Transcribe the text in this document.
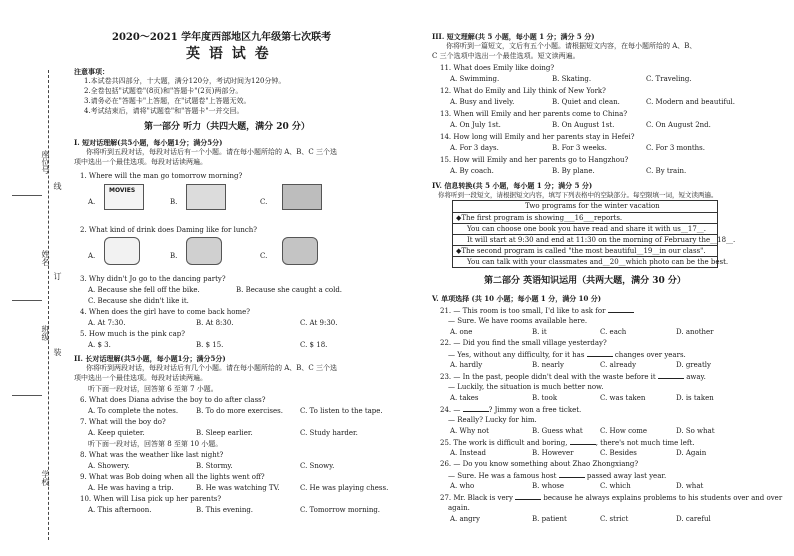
座位号
姓名
班级
学校
线
订
装
2020～2021 学年度西部地区九年级第七次联考
英 语 试 卷
注意事项：
1.本试卷共四部分，十大题，满分120分，考试时间为120分钟。
2.全卷包括"试题卷"(8页)和"答题卡"(2页)两部分。
3.请务必在"答题卡"上答题，在"试题卷"上答题无效。
4.考试结束后，请将"试题卷"和"答题卡"一并交回。
第一部分 听力（共四大题，满分 20 分）
I. 短对话理解(共5小题，每小题1分；满分5分)
你将听到五段对话，每段对话后有一个小题。请在每小题所给的 A、B、C 三个选
项中选出一个最佳选项。每段对话读两遍。
1. Where will the man go tomorrow morning?
A.
MOVIES
B.	C.
2. What kind of drink does Daming like for lunch?
A.	B.	C.
3. Why didn't Jo go to the dancing party?
A. Because she fell off the bike.	B. Because she caught a cold.
C. Because she didn't like it.
4. When does the girl have to come back home?
A. At 7:30.	B. At 8:30.	C. At 9:30.
5. How much is the pink cap?
A. $ 3.	B. $ 15.	C. $ 18.
II. 长对话理解(共5小题，每小题1分；满分5分)
你将听到两段对话，每段对话后有几个小题。请在每小题所给的 A、B、C 三个选
项中选出一个最佳选项。每段对话读两遍。
听下面一段对话，回答第 6 至第 7 小题。
6. What does Diana advise the boy to do after class?
A. To complete the notes.	B. To do more exercises. C. To listen to the tape.
7. What will the boy do?
A. Keep quieter.	B. Sleep earlier.	C. Study harder.
听下面一段对话，回答第 8 至第 10 小题。
8. What was the weather like last night?
A. Showery.	B. Stormy.	C. Snowy.
9. What was Bob doing when all the lights went off?
A. He was having a trip.	B. He was watching TV.	C. He was playing chess.
10. When will Lisa pick up her parents?
A. This afternoon.	B. This evening.	C. Tomorrow morning.
III. 短文理解(共 5 小题，每小题 1 分；满分 5 分)
你将听到一篇短文，文后有五个小题。请根据短文内容，在每小题所给的 A、B、
C 三个选项中选出一个最佳选项。短文读两遍。
11. What does Emily like doing?
A. Swimming.	B. Skating.	C. Traveling.
12. What do Emily and Lily think of New York?
A. Busy and lively.	B. Quiet and clean.	C. Modern and beautiful.
13. When will Emily and her parents come to China?
A. On July 1st.	B. On August 1st.	C. On August 2nd.
14. How long will Emily and her parents stay in Hefei?
A. For 3 days.	B. For 3 weeks.	C. For 3 months.
15. How will Emily and her parents go to Hangzhou?
A. By coach.	B. By plane.	C. By train.
IV. 信息转换(共 5 小题，每小题 1 分；满分 5 分)
你将听到一段短文，请根据短文内容，填写下列表格中的空缺部分。每空限填一词，短文读两遍。
Two programs for the winter vacation
◆The first program is showing___16___reports.
You can choose one book you have read and share it with us__17__.
It will start at 9:30 and end at 11:30 on the morning of February the__18__.
◆The second program is called "the most beautiful__19__in our class".
You can talk with your classmates and__20__which photo can be the best.
第二部分 英语知识运用（共两大题，满分 30 分）
V. 单项选择 (共 10 小题；每小题 1 分，满分 10 分)
21. — This room is too small, I'd like to ask for
— Sure. We have rooms available here.
A. one	B. it	C. each	D. another
22. — Did you find the small village yesterday?
— Yes, without any difficulty, for it has	changes over years.
A. hardly	B. nearly	C. already	D. greatly
23. — In the past, people didn't deal with the waste before it	away.
— Luckily, the situation is much better now.
A. takes	B. took	C. was taken	D. is taken
24. —	? Jimmy won a free ticket.
— Really? Lucky for him.
A. Why not	B. Guess what C. How come	D. So what
25. The work is difficult and boring,	, there's not much time left.
A. Instead	B. However	C. Besides	D. Again
26. — Do you know something about Zhao Zhongxiang?
— Sure. He was a famous host	passed away last year.
A. who	B. whose	C. which	D. what
27. Mr. Black is very	because he always explains problems to his students over and over
again.
A. angry	B. patient	C. strict	D. careful
